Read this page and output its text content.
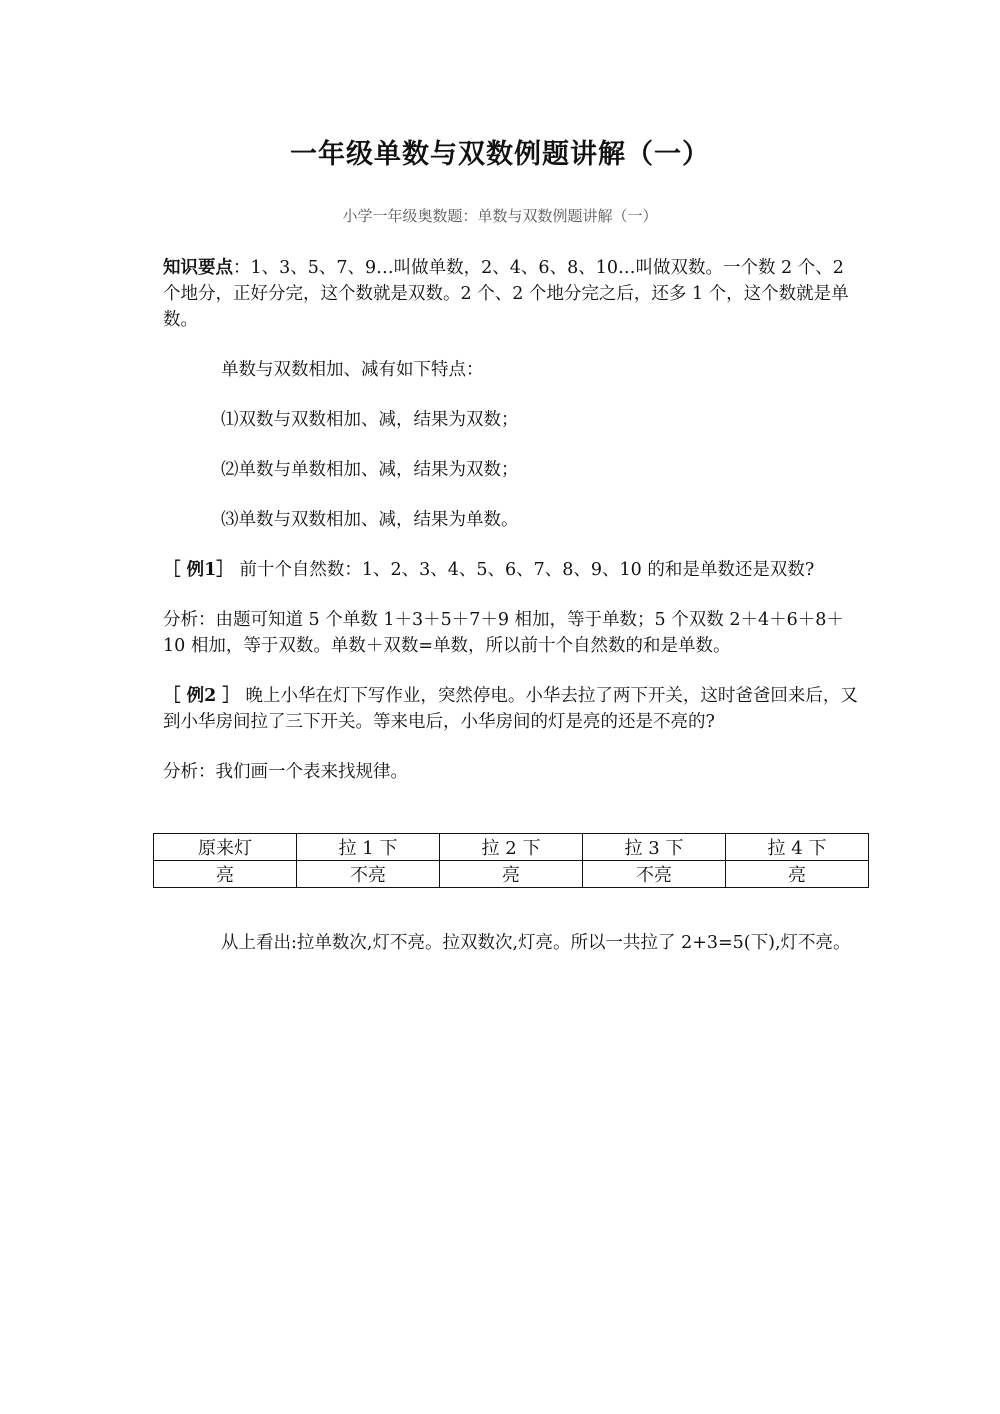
一年级单数与双数例题讲解（一）
小学一年级奥数题：单数与双数例题讲解（一）

知识要点：1、3、5、7、9…叫做单数，2、4、6、8、10…叫做双数。一个数 2 个、2 个地分，正好分完，这个数就是双数。2 个、2 个地分完之后，还多 1 个，这个数就是单数。

单数与双数相加、减有如下特点：

⑴双数与双数相加、减，结果为双数；

⑵单数与单数相加、减，结果为双数；

⑶单数与双数相加、减，结果为单数。

［ 例1］ 前十个自然数：1、2、3、4、5、6、7、8、9、10 的和是单数还是双数?

分析：由题可知道 5 个单数 1＋3＋5＋7＋9 相加，等于单数；5 个双数 2＋4＋6＋8＋10 相加，等于双数。单数＋双数=单数，所以前十个自然数的和是单数。

［ 例2 ］ 晚上小华在灯下写作业，突然停电。小华去拉了两下开关，这时爸爸回来后，又到小华房间拉了三下开关。等来电后，小华房间的灯是亮的还是不亮的?

分析：我们画一个表来找规律。

原来灯	拉 1 下	拉 2 下	拉 3 下	拉 4 下
亮	不亮	亮	不亮	亮

从上看出:拉单数次,灯不亮。拉双数次,灯亮。所以一共拉了 2+3=5(下),灯不亮。
